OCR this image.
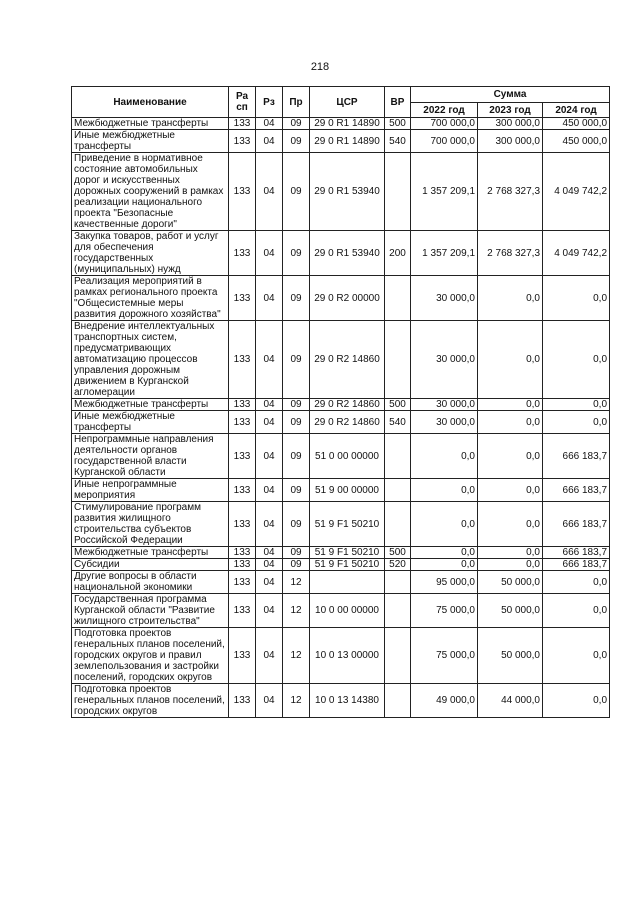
218
Наименование	Ра сп	Рз	Пр	ЦСР	ВР	Сумма		
						2022 год	2023 год	2024 год
Межбюджетные трансферты	133	04	09	29 0 R1 14890	500	700 000,0	300 000,0	450 000,0
Иные межбюджетные трансферты	133	04	09	29 0 R1 14890	540	700 000,0	300 000,0	450 000,0
Приведение в нормативное состояние автомобильных дорог и искусственных дорожных сооружений в рамках реализации национального проекта "Безопасные качественные дороги"	133	04	09	29 0 R1 53940		1 357 209,1	2 768 327,3	4 049 742,2
Закупка товаров, работ и услуг для обеспечения государственных (муниципальных) нужд	133	04	09	29 0 R1 53940	200	1 357 209,1	2 768 327,3	4 049 742,2
Реализация мероприятий в рамках регионального проекта "Общесистемные меры развития дорожного хозяйства"	133	04	09	29 0 R2 00000		30 000,0	0,0	0,0
Внедрение интеллектуальных транспортных систем, предусматривающих автоматизацию процессов управления дорожным движением в Курганской агломерации	133	04	09	29 0 R2 14860		30 000,0	0,0	0,0
Межбюджетные трансферты	133	04	09	29 0 R2 14860	500	30 000,0	0,0	0,0
Иные межбюджетные трансферты	133	04	09	29 0 R2 14860	540	30 000,0	0,0	0,0
Непрограммные направления деятельности органов государственной власти Курганской области	133	04	09	51 0 00 00000		0,0	0,0	666 183,7
Иные непрограммные мероприятия	133	04	09	51 9 00 00000		0,0	0,0	666 183,7
Стимулирование программ развития жилищного строительства субъектов Российской Федерации	133	04	09	51 9 F1 50210		0,0	0,0	666 183,7
Межбюджетные трансферты	133	04	09	51 9 F1 50210	500	0,0	0,0	666 183,7
Субсидии	133	04	09	51 9 F1 50210	520	0,0	0,0	666 183,7
Другие вопросы в области национальной экономики	133	04	12			95 000,0	50 000,0	0,0
Государственная программа Курганской области "Развитие жилищного строительства"	133	04	12	10 0 00 00000		75 000,0	50 000,0	0,0
Подготовка проектов генеральных планов поселений, городских округов и правил землепользования и застройки поселений, городских округов	133	04	12	10 0 13 00000		75 000,0	50 000,0	0,0
Подготовка проектов генеральных планов поселений, городских округов	133	04	12	10 0 13 14380		49 000,0	44 000,0	0,0
